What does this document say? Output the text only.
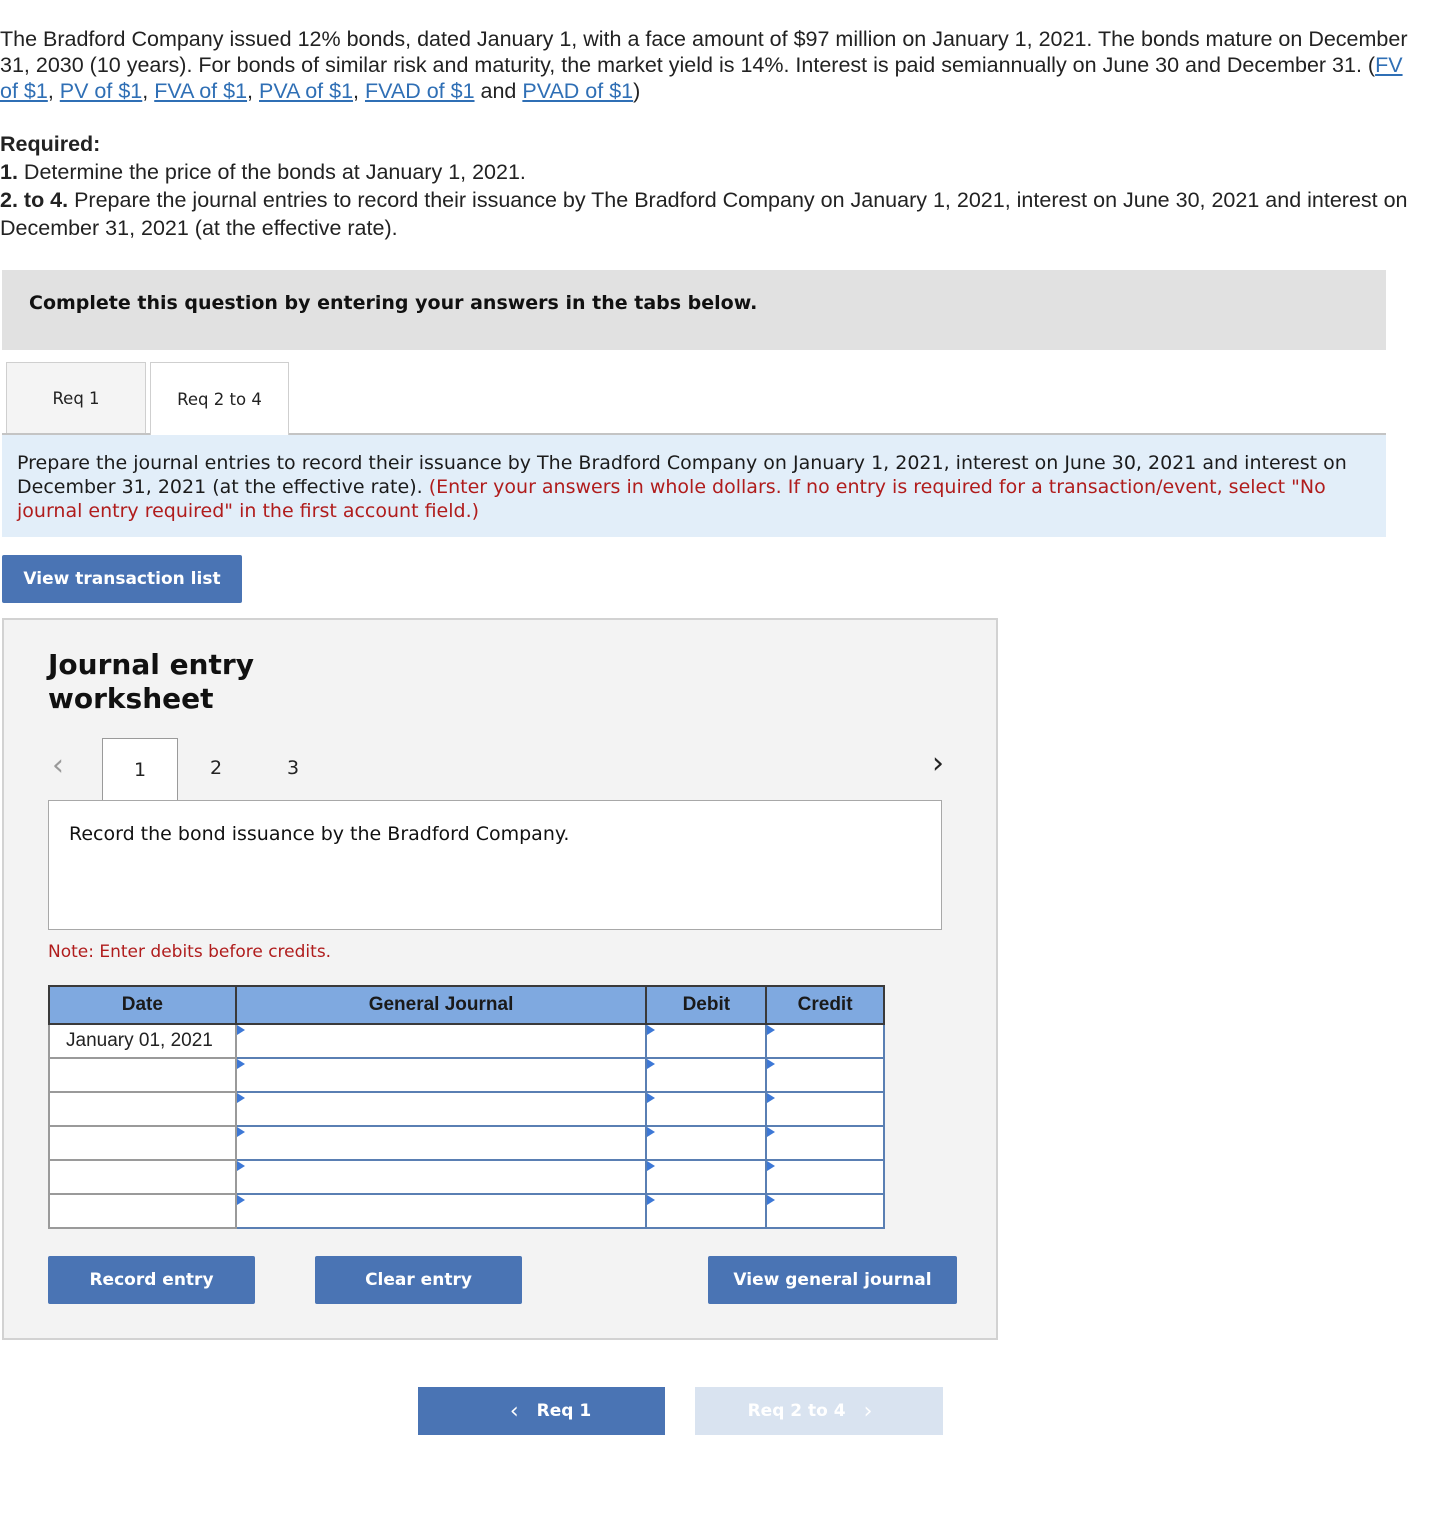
The Bradford Company issued 12% bonds, dated January 1, with a face amount of $97 million on January 1, 2021. The bonds mature on December 31, 2030 (10 years). For bonds of similar risk and maturity, the market yield is 14%. Interest is paid semiannually on June 30 and December 31. (FV of $1, PV of $1, FVA of $1, PVA of $1, FVAD of $1 and PVAD of $1)

Required:

1. Determine the price of the bonds at January 1, 2021.

2. to 4. Prepare the journal entries to record their issuance by The Bradford Company on January 1, 2021, interest on June 30, 2021 and interest on December 31, 2021 (at the effective rate).

Complete this question by entering your answers in the tabs below.
Req 1	Req 2 to 4
Prepare the journal entries to record their issuance by The Bradford Company on January 1, 2021, interest on June 30, 2021 and interest on December 31, 2021 (at the effective rate). (Enter your answers in whole dollars. If no entry is required for a transaction/event, select "No journal entry required" in the first account field.)
View transaction list
Journal entry
worksheet
‹	1	2	3	›
Record the bond issuance by the Bradford Company.
Note: Enter debits before credits.
Date	General Journal	Debit	Credit
January 01, 2021			

Record entry	Clear entry	View general journal
‹ Req 1	Req 2 to 4 ›
